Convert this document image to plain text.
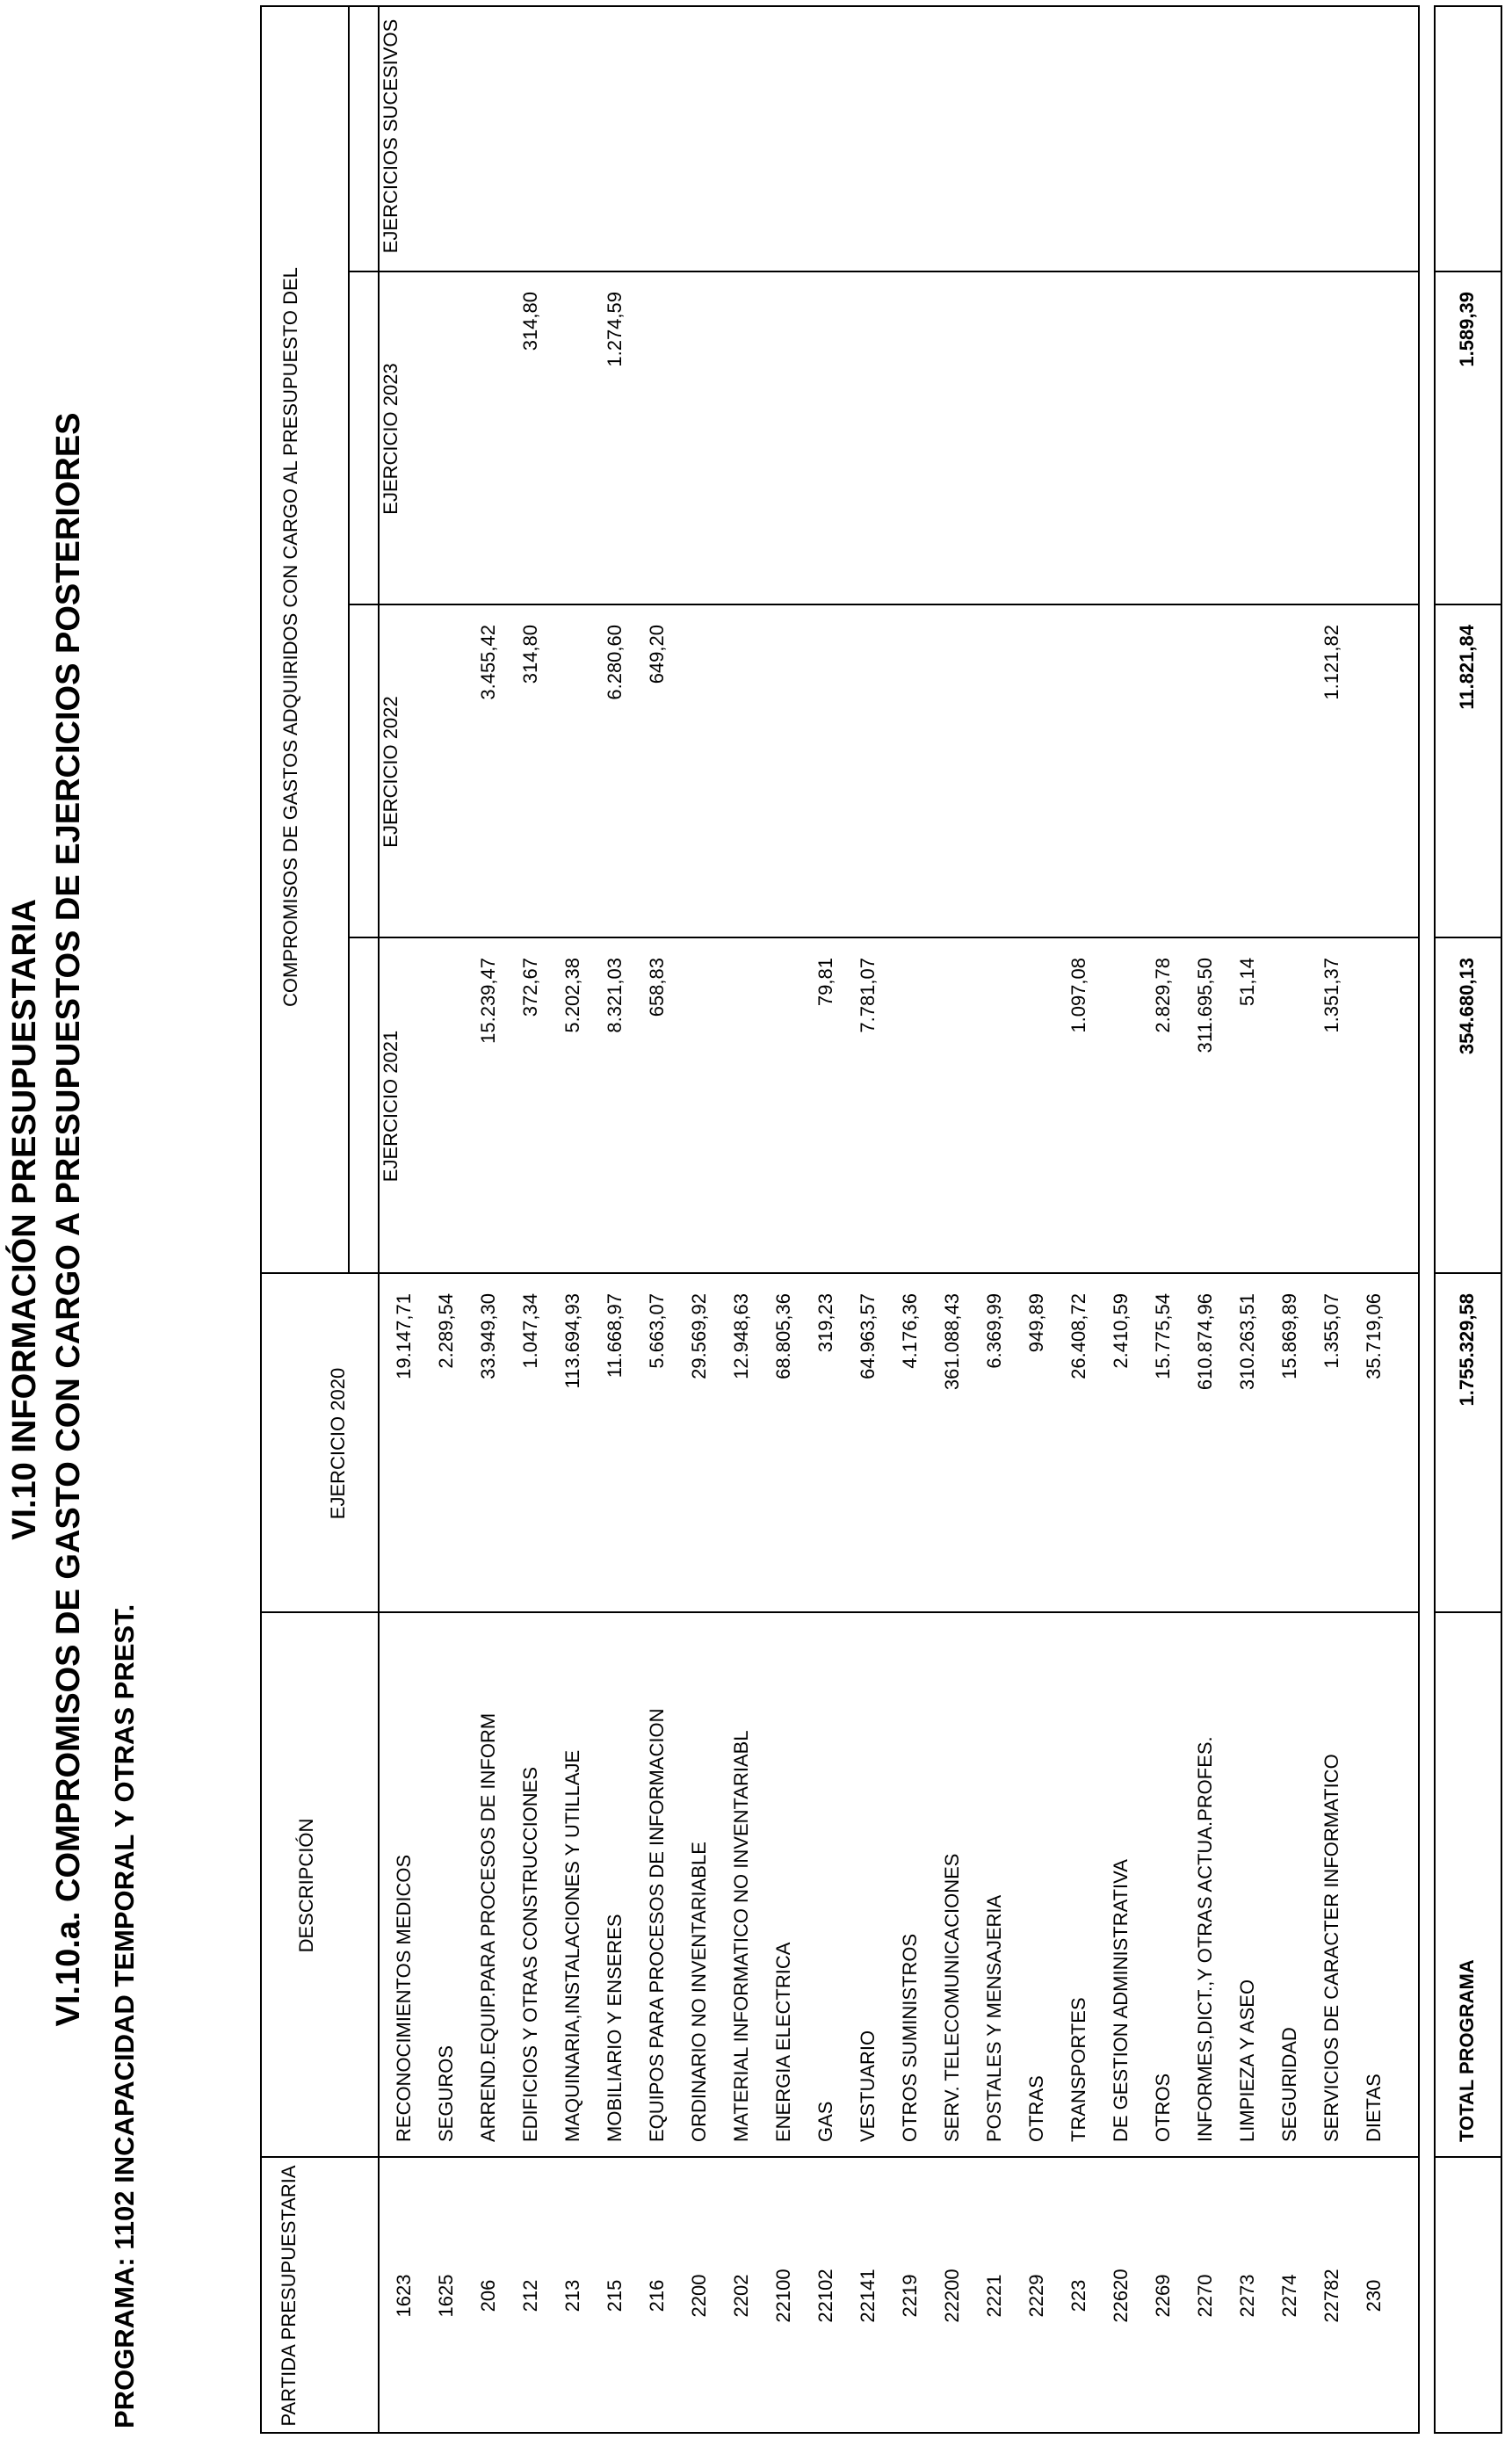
VI.10 INFORMACIÓN PRESUPUESTARIA VI.10.a. COMPROMISOS DE GASTO CON CARGO A PRESUPUESTOS DE EJERCICIOS POSTERIORES PROGRAMA: 1102 INCAPACIDAD TEMPORAL Y OTRAS PREST.	PARTIDA PRESUPUESTARIA
DESCRIPCIÓN
COMPROMISOS DE GASTOS ADQUIRIDOS CON CARGO AL PRESUPUESTO DEL
EJERCICIO 2020
EJERCICIO 2021
EJERCICIO 2022
EJERCICIO 2023
EJERCICIOS SUCESIVOS
1623
RECONOCIMIENTOS MEDICOS
19.147,71
1625
SEGUROS
2.289,54
206
ARREND.EQUIP.PARA PROCESOS DE INFORM
33.949,30
15.239,47
3.455,42
212
EDIFICIOS Y OTRAS CONSTRUCCIONES
1.047,34
372,67
314,80
314,80
213
MAQUINARIA,INSTALACIONES Y UTILLAJE
113.694,93
5.202,38
215
MOBILIARIO Y ENSERES
11.668,97
8.321,03
6.280,60
1.274,59
216
EQUIPOS PARA PROCESOS DE INFORMACION
5.663,07
658,83
649,20
2200
ORDINARIO NO INVENTARIABLE
29.569,92
2202
MATERIAL INFORMATICO NO INVENTARIABL
12.948,63
22100
ENERGIA ELECTRICA
68.805,36
22102
GAS
319,23
79,81
22141
VESTUARIO
64.963,57
7.781,07
2219
OTROS SUMINISTROS
4.176,36
22200
SERV. TELECOMUNICACIONES
361.088,43
2221
POSTALES Y MENSAJERIA
6.369,99
2229
OTRAS
949,89
223
TRANSPORTES
26.408,72
1.097,08
22620
DE GESTION ADMINISTRATIVA
2.410,59
2269
OTROS
15.775,54
2.829,78
2270
INFORMES,DICT.,Y OTRAS ACTUA.PROFES.
610.874,96
311.695,50
2273
LIMPIEZA Y ASEO
310.263,51
51,14
2274
SEGURIDAD
15.869,89
22782
SERVICIOS DE CARACTER INFORMATICO
1.355,07
1.351,37
1.121,82
230
DIETAS
35.719,06
TOTAL PROGRAMA
1.755.329,58
354.680,13
11.821,84
1.589,39
